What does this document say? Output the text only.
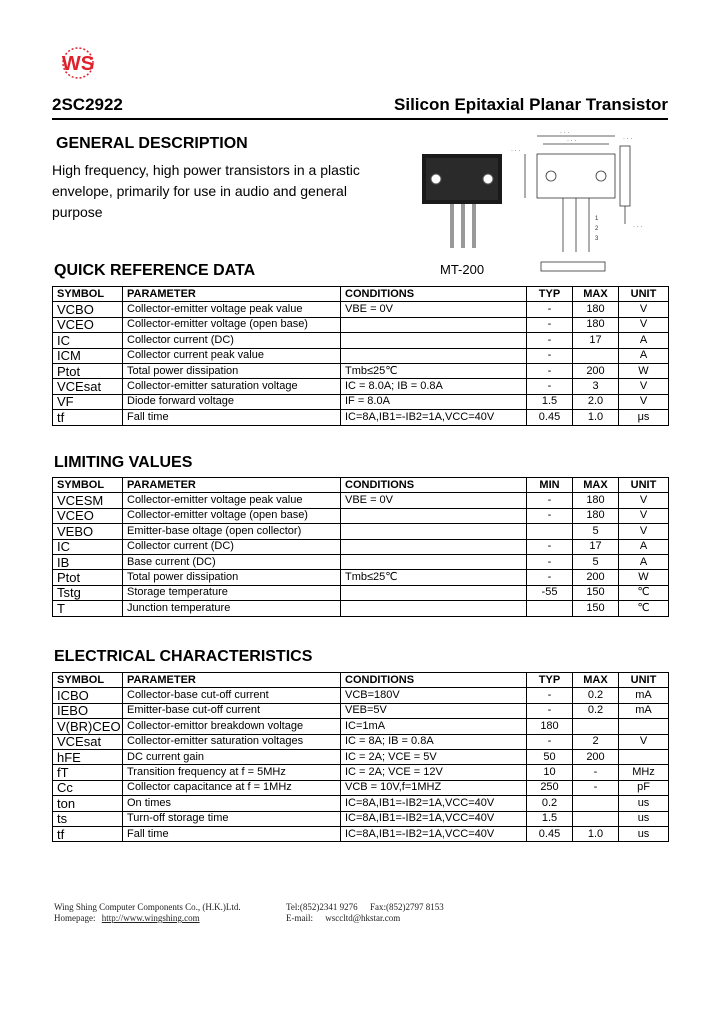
WS
2SC2922	Silicon Epitaxial Planar Transistor
GENERAL DESCRIPTION
High frequency, high power transistors in a plastic
envelope, primarily for use in audio and general
purpose
· · ·
· · ·
· · ·
· · ·
· · ·
1
2
3
MT-200
QUICK REFERENCE DATA
SYMBOL	PARAMETER	CONDITIONS	TYP	MAX	UNIT
VCBO	Collector-emitter voltage peak value	VBE = 0V	-	180	V
VCEO	Collector-emitter voltage (open base)		-	180	V
IC	Collector current (DC)		-	17	A
ICM	Collector current peak value		-		A
Ptot	Total power dissipation	Tmb≤25℃	-	200	W
VCEsat	Collector-emitter saturation voltage	IC = 8.0A; IB = 0.8A	-	3	V
VF	Diode forward voltage	IF = 8.0A	1.5	2.0	V
tf	Fall time	IC=8A,IB1=-IB2=1A,VCC=40V	0.45	1.0	μs
LIMITING VALUES
SYMBOL	PARAMETER	CONDITIONS	MIN	MAX	UNIT
VCESM	Collector-emitter voltage peak value	VBE = 0V	-	180	V
VCEO	Collector-emitter voltage (open base)		-	180	V
VEBO	Emitter-base oltage (open collector)			5	V
IC	Collector current (DC)		-	17	A
IB	Base current (DC)		-	5	A
Ptot	Total power dissipation	Tmb≤25℃	-	200	W
Tstg	Storage temperature		-55	150	℃
T	Junction temperature			150	℃
ELECTRICAL CHARACTERISTICS
SYMBOL	PARAMETER	CONDITIONS	TYP	MAX	UNIT
ICBO	Collector-base cut-off current	VCB=180V	-	0.2	mA
IEBO	Emitter-base cut-off current	VEB=5V	-	0.2	mA
V(BR)CEO	Collector-emittor breakdown voltage	IC=1mA	180		
VCEsat	Collector-emitter saturation voltages	IC = 8A; IB = 0.8A	-	2	V
hFE	DC current gain	IC = 2A; VCE = 5V	50	200	
fT	Transition frequency at f = 5MHz	IC = 2A; VCE = 12V	10	-	MHz
Cc	Collector capacitance at f = 1MHz	VCB = 10V,f=1MHZ	250	-	pF
ton	On times	IC=8A,IB1=-IB2=1A,VCC=40V	0.2		us
ts	Turn-off storage time	IC=8A,IB1=-IB2=1A,VCC=40V	1.5		us
tf	Fall time	IC=8A,IB1=-IB2=1A,VCC=40V	0.45	1.0	us
Wing Shing Computer Components Co., (H.K.)Ltd.	Tel:(852)2341 9276 Fax:(852)2797 8153
Homepage: http://www.wingshing.com	E-mail: wsccltd@hkstar.com
